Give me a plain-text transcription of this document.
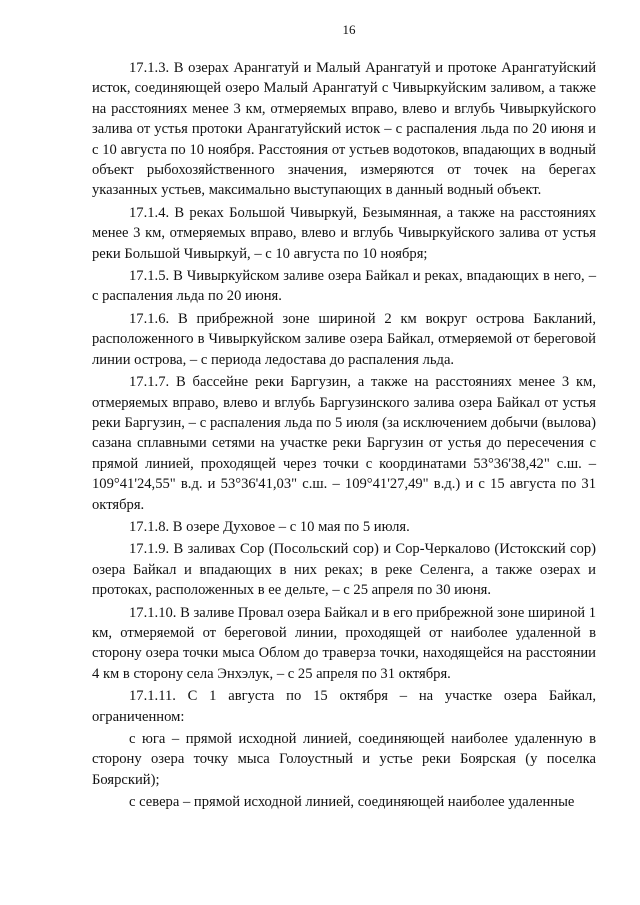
16

17.1.3. В озерах Арангатуй и Малый Арангатуй и протоке Арангатуйский исток, соединяющей озеро Малый Арангатуй с Чивыркуйским заливом, а также на расстояниях менее 3 км, отмеряемых вправо, влево и вглубь Чивыркуйского залива от устья протоки Арангатуйский исток – с распаления льда по 20 июня и с 10 августа по 10 ноября. Расстояния от устьев водотоков, впадающих в водный объект рыбохозяйственного значения, измеряются от точек на берегах указанных устьев, максимально выступающих в данный водный объект.

17.1.4. В реках Большой Чивыркуй, Безымянная, а также на расстояниях менее 3 км, отмеряемых вправо, влево и вглубь Чивыркуйского залива от устья реки Большой Чивыркуй, – с 10 августа по 10 ноября;

17.1.5. В Чивыркуйском заливе озера Байкал и реках, впадающих в него, – с распаления льда по 20 июня.

17.1.6. В прибрежной зоне шириной 2 км вокруг острова Бакланий, расположенного в Чивыркуйском заливе озера Байкал, отмеряемой от береговой линии острова, – с периода ледостава до распаления льда.

17.1.7. В бассейне реки Баргузин, а также на расстояниях менее 3 км, отмеряемых вправо, влево и вглубь Баргузинского залива озера Байкал от устья реки Баргузин, – с распаления льда по 5 июля (за исключением добычи (вылова) сазана сплавными сетями на участке реки Баргузин от устья до пересечения с прямой линией, проходящей через точки с координатами 53°36'38,42" с.ш. – 109°41'24,55" в.д. и 53°36'41,03" с.ш. – 109°41'27,49" в.д.) и с 15 августа по 31 октября.

17.1.8. В озере Духовое – с 10 мая по 5 июля.

17.1.9. В заливах Сор (Посольский сор) и Сор-Черкалово (Истокский сор) озера Байкал и впадающих в них реках; в реке Селенга, а также озерах и протоках, расположенных в ее дельте, – с 25 апреля по 30 июня.

17.1.10. В заливе Провал озера Байкал и в его прибрежной зоне шириной 1 км, отмеряемой от береговой линии, проходящей от наиболее удаленной в сторону озера точки мыса Облом до траверза точки, находящейся на расстоянии 4 км в сторону села Энхэлук, – с 25 апреля по 31 октября.

17.1.11. С 1 августа по 15 октября – на участке озера Байкал, ограниченном:

с юга – прямой исходной линией, соединяющей наиболее удаленную в сторону озера точку мыса Голоустный и устье реки Боярская (у поселка Боярский);

с севера – прямой исходной линией, соединяющей наиболее удаленные
